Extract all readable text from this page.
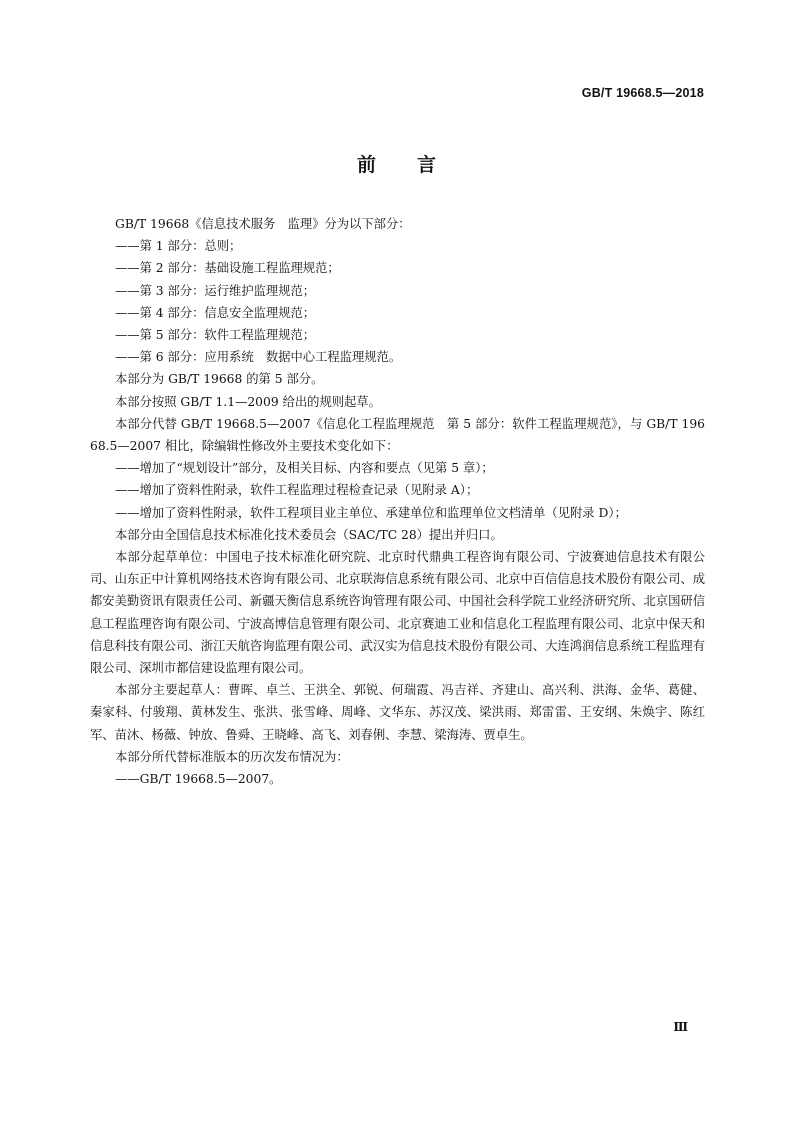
GB/T 19668.5—2018
前 言

GB/T 19668《信息技术服务　监理》分为以下部分：

——第 1 部分：总则；

——第 2 部分：基础设施工程监理规范；

——第 3 部分：运行维护监理规范；

——第 4 部分：信息安全监理规范；

——第 5 部分：软件工程监理规范；

——第 6 部分：应用系统　数据中心工程监理规范。

本部分为 GB/T 19668 的第 5 部分。

本部分按照 GB/T 1.1—2009 给出的规则起草。

本部分代替 GB/T 19668.5—2007《信息化工程监理规范　第 5 部分：软件工程监理规范》，与 GB/T 19668.5—2007 相比，除编辑性修改外主要技术变化如下：

——增加了“规划设计”部分，及相关目标、内容和要点（见第 5 章）；

——增加了资料性附录，软件工程监理过程检查记录（见附录 A）；

——增加了资料性附录，软件工程项目业主单位、承建单位和监理单位文档清单（见附录 D）；

本部分由全国信息技术标准化技术委员会（SAC/TC 28）提出并归口。

本部分起草单位：中国电子技术标准化研究院、北京时代鼎典工程咨询有限公司、宁波赛迪信息技术有限公司、山东正中计算机网络技术咨询有限公司、北京联海信息系统有限公司、北京中百信信息技术股份有限公司、成都安美勤资讯有限责任公司、新疆天衡信息系统咨询管理有限公司、中国社会科学院工业经济研究所、北京国研信息工程监理咨询有限公司、宁波高博信息管理有限公司、北京赛迪工业和信息化工程监理有限公司、北京中保天和信息科技有限公司、浙江天航咨询监理有限公司、武汉实为信息技术股份有限公司、大连鸿润信息系统工程监理有限公司、深圳市都信建设监理有限公司。

本部分主要起草人：曹晖、卓兰、王洪全、郭锐、何瑞霞、冯吉祥、齐建山、高兴利、洪海、金华、葛健、秦家科、付骏翔、黄林发生、张洪、张雪峰、周峰、文华东、苏汉茂、梁洪雨、郑雷雷、王安纲、朱焕宇、陈红军、苗沐、杨薇、钟放、鲁舜、王晓峰、高飞、刘春俐、李慧、梁海涛、贾卓生。

本部分所代替标准版本的历次发布情况为：

——GB/T 19668.5—2007。

Ⅲ
